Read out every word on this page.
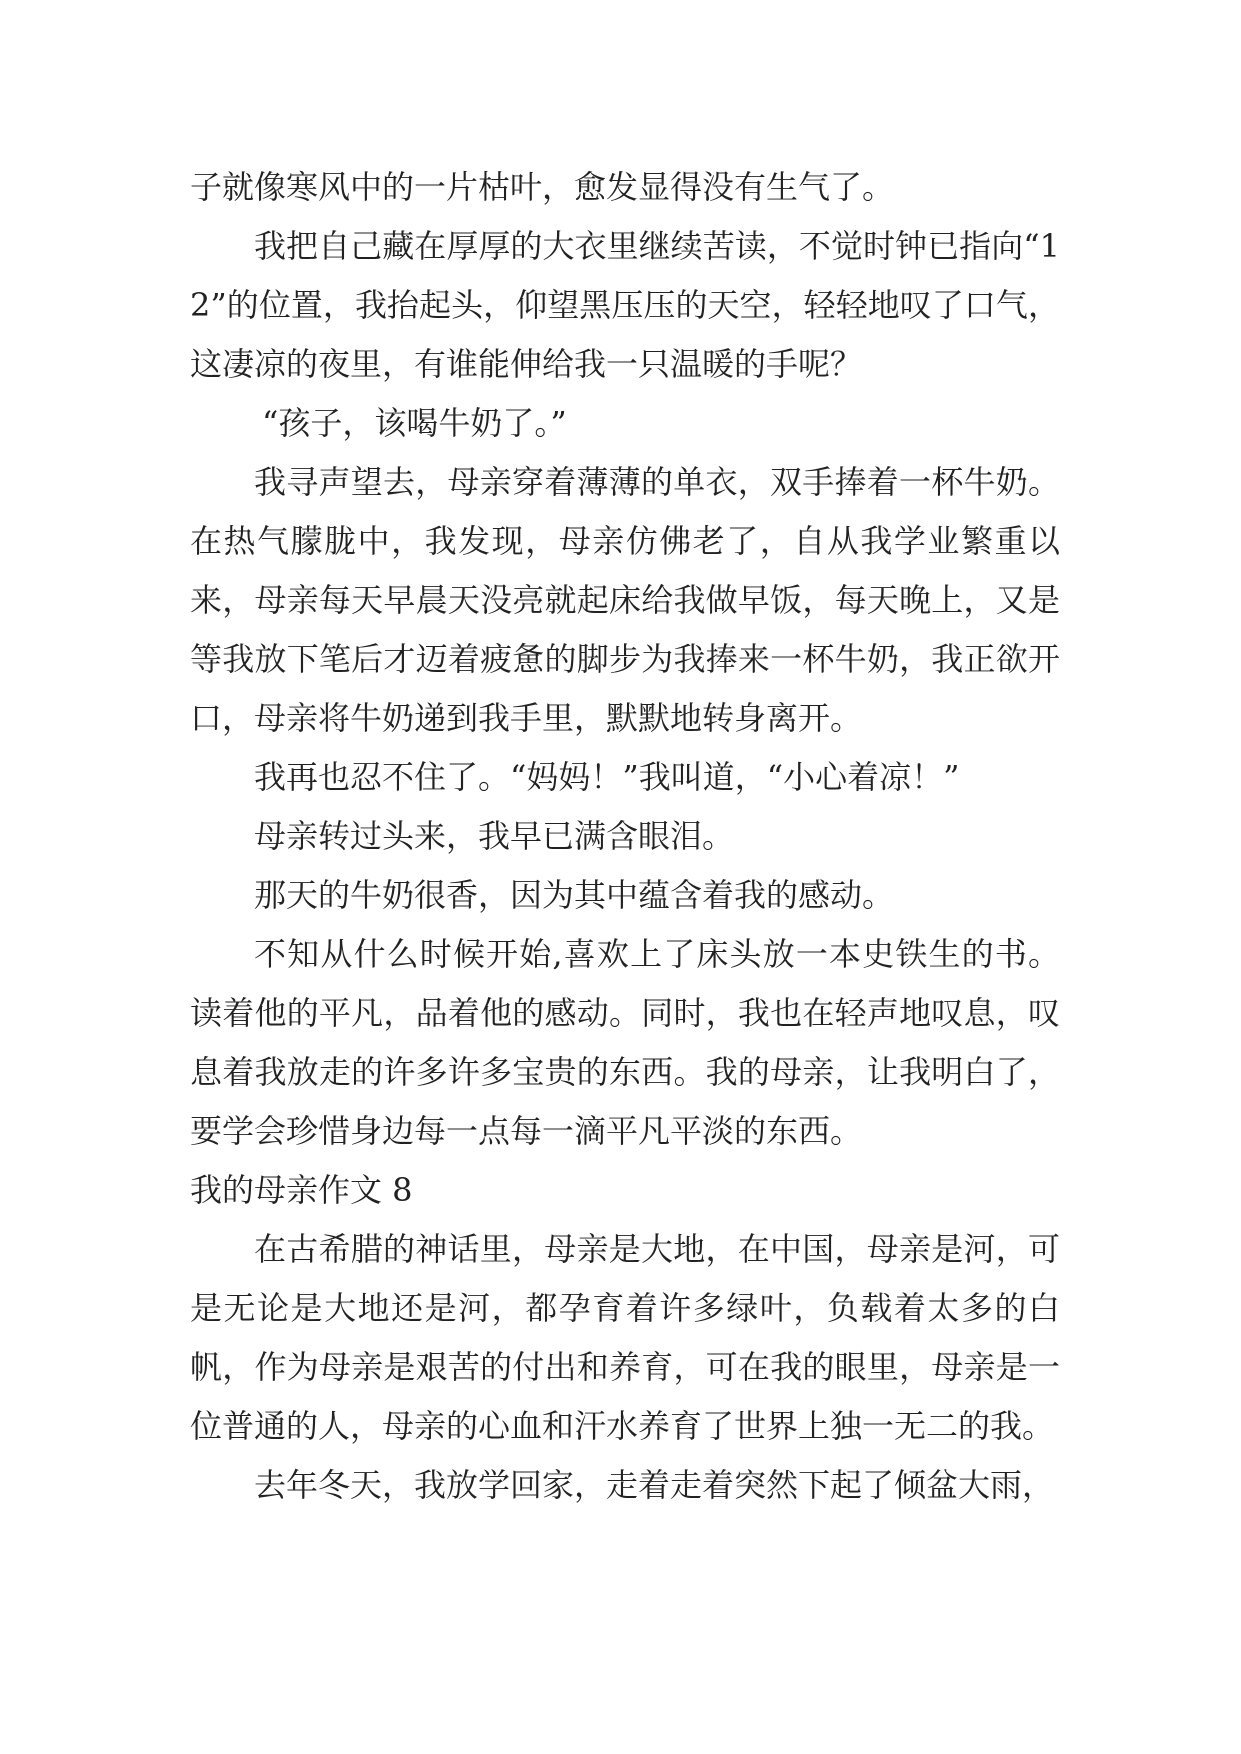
子就像寒风中的一片枯叶，愈发显得没有生气了。

我把自己藏在厚厚的大衣里继续苦读，不觉时钟已指向“12”的位置，我抬起头，仰望黑压压的天空，轻轻地叹了口气，这凄凉的夜里，有谁能伸给我一只温暖的手呢？

“孩子，该喝牛奶了。”

我寻声望去，母亲穿着薄薄的单衣，双手捧着一杯牛奶。在热气朦胧中，我发现，母亲仿佛老了，自从我学业繁重以来，母亲每天早晨天没亮就起床给我做早饭，每天晚上，又是等我放下笔后才迈着疲惫的脚步为我捧来一杯牛奶，我正欲开口，母亲将牛奶递到我手里，默默地转身离开。

我再也忍不住了。“妈妈！”我叫道，“小心着凉！”

母亲转过头来，我早已满含眼泪。

那天的牛奶很香，因为其中蕴含着我的感动。

不知从什么时候开始,喜欢上了床头放一本史铁生的书。读着他的平凡，品着他的感动。同时，我也在轻声地叹息，叹息着我放走的许多许多宝贵的东西。我的母亲，让我明白了，要学会珍惜身边每一点每一滴平凡平淡的东西。

我的母亲作文 8

在古希腊的神话里，母亲是大地，在中国，母亲是河，可是无论是大地还是河，都孕育着许多绿叶，负载着太多的白帆，作为母亲是艰苦的付出和养育，可在我的眼里，母亲是一位普通的人，母亲的心血和汗水养育了世界上独一无二的我。

去年冬天，我放学回家，走着走着突然下起了倾盆大雨，
